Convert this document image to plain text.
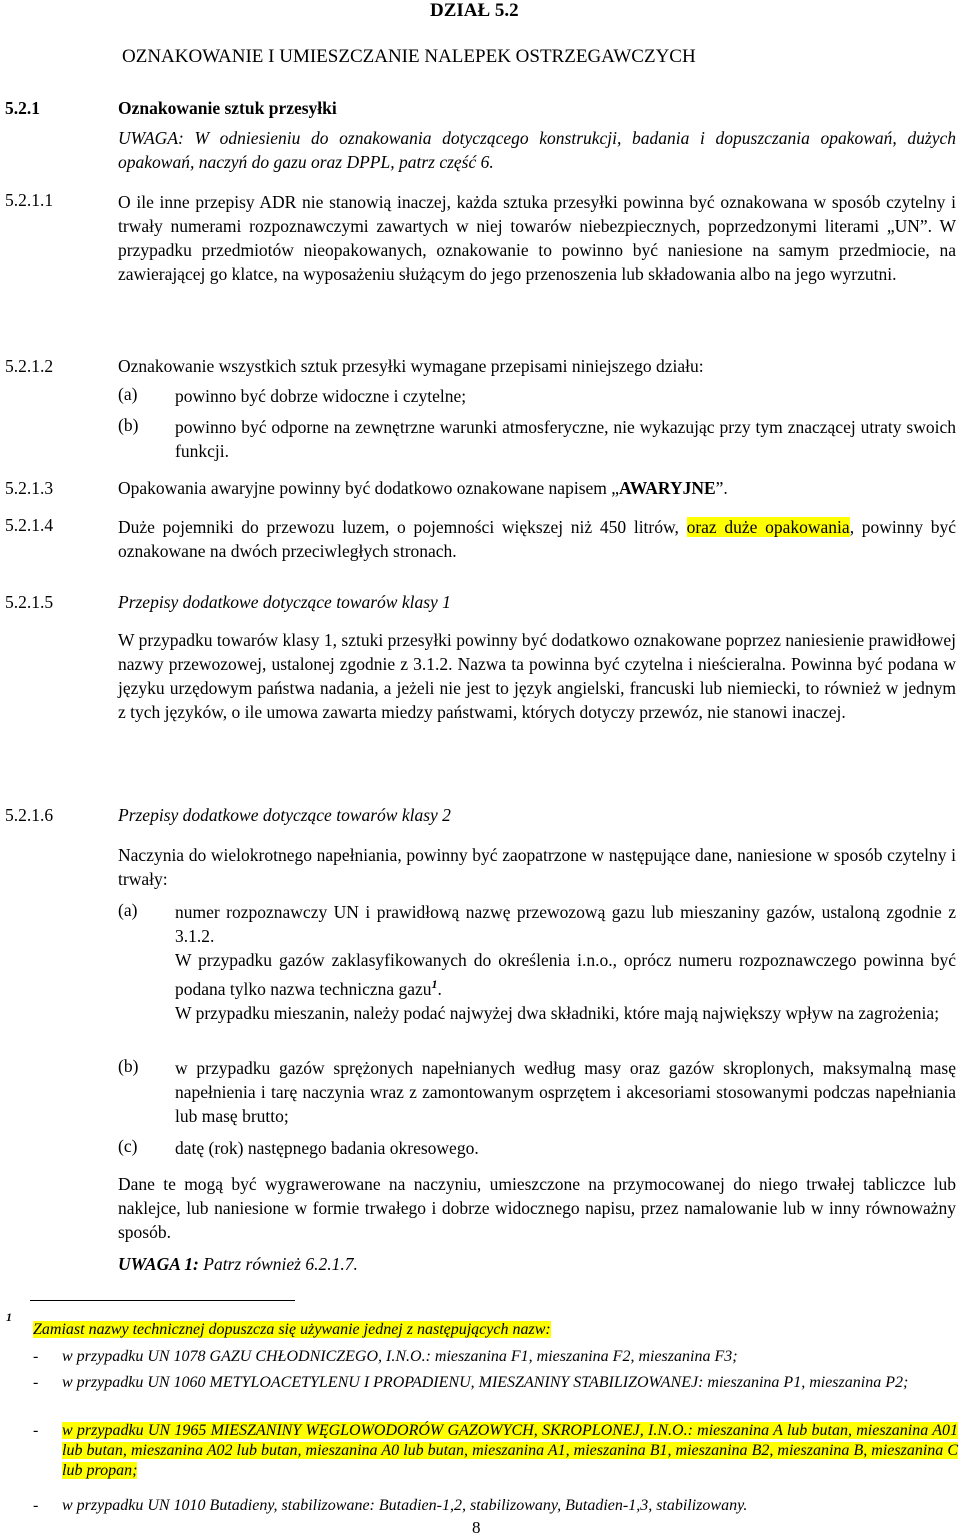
DZIAŁ 5.2
OZNAKOWANIE I UMIESZCZANIE NALEPEK OSTRZEGAWCZYCH
5.2.1	Oznakowanie sztuk przesyłki
UWAGA: W odniesieniu do oznakowania dotyczącego konstrukcji, badania i dopuszczania opakowań, dużych opakowań, naczyń do gazu oraz DPPL, patrz część 6.
5.2.1.1	O ile inne przepisy ADR nie stanowią inaczej, każda sztuka przesyłki powinna być oznakowana w sposób czytelny i trwały numerami rozpoznawczymi zawartych w niej towarów niebezpiecznych, poprzedzonymi literami „UN”. W przypadku przedmiotów nieopakowanych, oznakowanie to powinno być naniesione na samym przedmiocie, na zawierającej go klatce, na wyposażeniu służącym do jego przenoszenia lub składowania albo na jego wyrzutni.
5.2.1.2	Oznakowanie wszystkich sztuk przesyłki wymagane przepisami niniejszego działu:
(a) powinno być dobrze widoczne i czytelne;
(b) powinno być odporne na zewnętrzne warunki atmosferyczne, nie wykazując przy tym znaczącej utraty swoich funkcji.
5.2.1.3	Opakowania awaryjne powinny być dodatkowo oznakowane napisem „AWARYJNE”.
5.2.1.4	Duże pojemniki do przewozu luzem, o pojemności większej niż 450 litrów, oraz duże opakowania, powinny być oznakowane na dwóch przeciwległych stronach.
5.2.1.5	Przepisy dodatkowe dotyczące towarów klasy 1
W przypadku towarów klasy 1, sztuki przesyłki powinny być dodatkowo oznakowane poprzez naniesienie prawidłowej nazwy przewozowej, ustalonej zgodnie z 3.1.2. Nazwa ta powinna być czytelna i nieścieralna. Powinna być podana w języku urzędowym państwa nadania, a jeżeli nie jest to język angielski, francuski lub niemiecki, to również w jednym z tych języków, o ile umowa zawarta miedzy państwami, których dotyczy przewóz, nie stanowi inaczej.
5.2.1.6	Przepisy dodatkowe dotyczące towarów klasy 2
Naczynia do wielokrotnego napełniania, powinny być zaopatrzone w następujące dane, naniesione w sposób czytelny i trwały:
(a) numer rozpoznawczy UN i prawidłową nazwę przewozową gazu lub mieszaniny gazów, ustaloną zgodnie z 3.1.2.
W przypadku gazów zaklasyfikowanych do określenia i.n.o., oprócz numeru rozpoznawczego powinna być podana tylko nazwa techniczna gazu$^1$.
W przypadku mieszanin, należy podać najwyżej dwa składniki, które mają największy wpływ na zagrożenia;
(b) w przypadku gazów sprężonych napełnianych według masy oraz gazów skroplonych, maksymalną masę napełnienia i tarę naczynia wraz z zamontowanym osprzętem i akcesoriami stosowanymi podczas napełniania lub masę brutto;
(c) datę (rok) następnego badania okresowego.
Dane te mogą być wygrawerowane na naczyniu, umieszczone na przymocowanej do niego trwałej tabliczce lub naklejce, lub naniesione w formie trwałego i dobrze widocznego napisu, przez namalowanie lub w inny równoważny sposób.
UWAGA 1: Patrz również 6.2.1.7.
1
Zamiast nazwy technicznej dopuszcza się używanie jednej z następujących nazw:
- w przypadku UN 1078 GAZU CHŁODNICZEGO, I.N.O.: mieszanina F1, mieszanina F2, mieszanina F3;
- w przypadku UN 1060 METYLOACETYLENU I PROPADIENU, MIESZANINY STABILIZOWANEJ: mieszanina P1, mieszanina P2;
- w przypadku UN 1965 MIESZANINY WĘGLOWODORÓW GAZOWYCH, SKROPLONEJ, I.N.O.: mieszanina A lub butan, mieszanina A01 lub butan, mieszanina A02 lub butan, mieszanina A0 lub butan, mieszanina A1, mieszanina B1, mieszanina B2, mieszanina B, mieszanina C lub propan;
- w przypadku UN 1010 Butadieny, stabilizowane: Butadien-1,2, stabilizowany, Butadien-1,3, stabilizowany.
8
